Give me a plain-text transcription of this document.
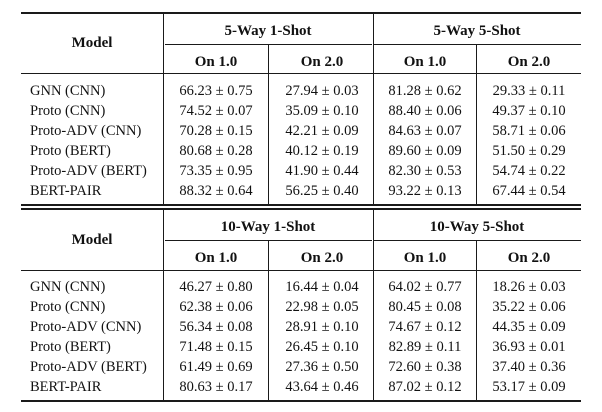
Model
5-Way 1-Shot	5-Way 5-Shot
On 1.0	On 2.0	On 1.0	On 2.0
GNN (CNN)	66.23 ± 0.75 27.94 ± 0.03 81.28 ± 0.62 29.33 ± 0.11
Proto (CNN)	74.52 ± 0.07 35.09 ± 0.10 88.40 ± 0.06 49.37 ± 0.10
Proto-ADV (CNN)	70.28 ± 0.15 42.21 ± 0.09 84.63 ± 0.07 58.71 ± 0.06
Proto (BERT)	80.68 ± 0.28 40.12 ± 0.19 89.60 ± 0.09 51.50 ± 0.29
Proto-ADV (BERT) 73.35 ± 0.95 41.90 ± 0.44 82.30 ± 0.53 54.74 ± 0.22
BERT-PAIR	88.32 ± 0.64 56.25 ± 0.40 93.22 ± 0.13 67.44 ± 0.54
Model
10-Way 1-Shot	10-Way 5-Shot
On 1.0	On 2.0	On 1.0	On 2.0
GNN (CNN)	46.27 ± 0.80 16.44 ± 0.04 64.02 ± 0.77 18.26 ± 0.03
Proto (CNN)	62.38 ± 0.06 22.98 ± 0.05 80.45 ± 0.08 35.22 ± 0.06
Proto-ADV (CNN)	56.34 ± 0.08 28.91 ± 0.10 74.67 ± 0.12 44.35 ± 0.09
Proto (BERT)	71.48 ± 0.15 26.45 ± 0.10 82.89 ± 0.11 36.93 ± 0.01
Proto-ADV (BERT) 61.49 ± 0.69 27.36 ± 0.50 72.60 ± 0.38 37.40 ± 0.36
BERT-PAIR	80.63 ± 0.17 43.64 ± 0.46 87.02 ± 0.12 53.17 ± 0.09
